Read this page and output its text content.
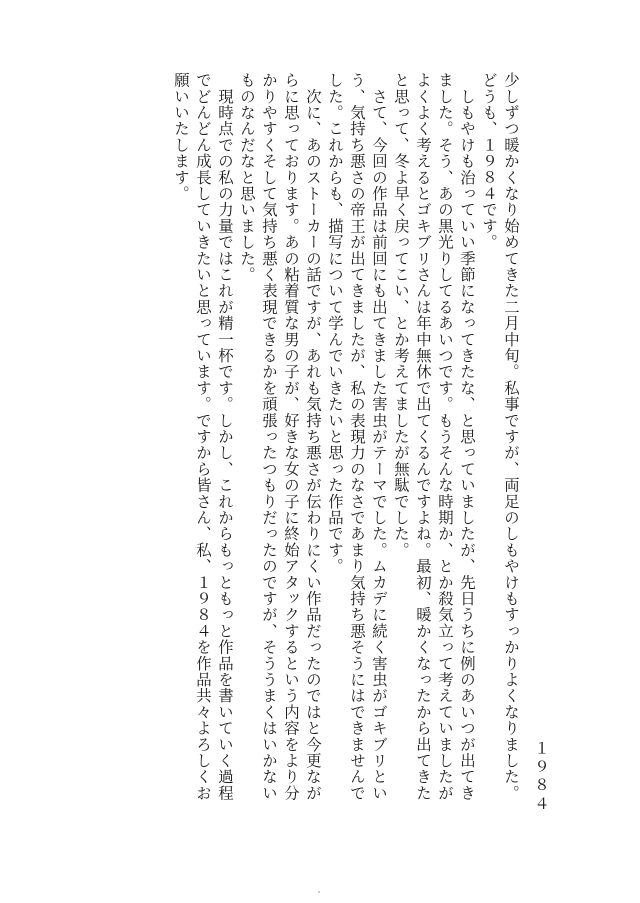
１９８４

少しずつ暖かくなり始めてきた二月中旬。私事ですが、両足のしもやけもすっかりよくなりました。どうも、１９８４です。

　しもやけも治っていい季節になってきたな、と思っていましたが、先日うちに例のあいつが出てきました。そう、あの黒光りしてるあいつです。もうそんな時期か、とか殺気立って考えていましたがよくよく考えるとゴキブリさんは年中無休で出てくるんですよね。最初、暖かくなったから出てきたと思って、冬よ早く戻ってこい、とか考えてましたが無駄でした。

　さて、今回の作品は前回にも出てきました害虫がテーマでした。ムカデに続く害虫がゴキブリという、気持ち悪さの帝王が出てきましたが、私の表現力のなさであまり気持ち悪そうにはできませんでした。これからも、描写について学んでいきたいと思った作品です。

　次に、あのストーカーの話ですが、あれも気持ち悪さが伝わりにくい作品だったのではと今更ながらに思っております。あの粘着質な男の子が、好きな女の子に終始アタックするという内容をより分かりやすくそして気持ち悪く表現できるかを頑張ったつもりだったのですが、そううまくはいかないものなんだなと思いました。

　現時点での私の力量ではこれが精一杯です。しかし、これからもっともっと作品を書いていく過程でどんどん成長していきたいと思っています。ですから皆さん、私、１９８４を作品共々よろしくお願いいたします。
